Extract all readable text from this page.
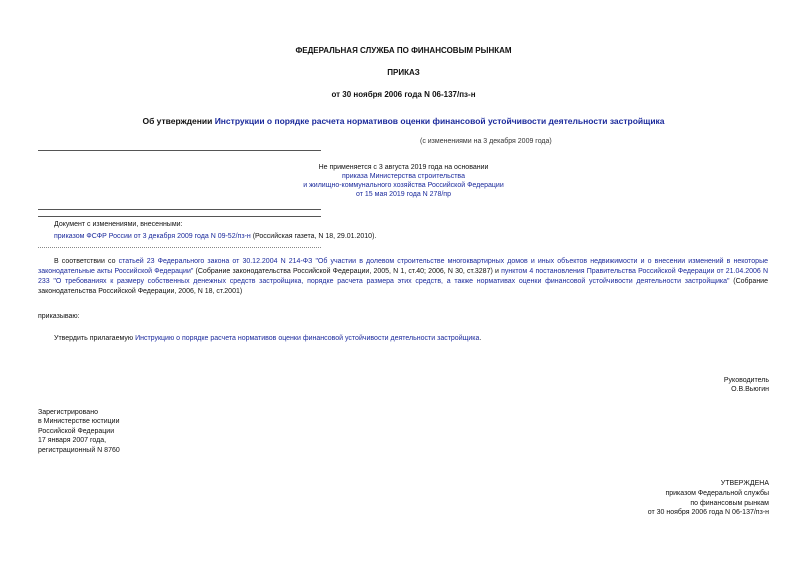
ФЕДЕРАЛЬНАЯ СЛУЖБА ПО ФИНАНСОВЫМ РЫНКАМ
ПРИКАЗ
от 30 ноября 2006 года N 06-137/пз-н
Об утверждении Инструкции о порядке расчета нормативов оценки финансовой устойчивости деятельности застройщика
(с изменениями на 3 декабря 2009 года)

Не применяется с 3 августа 2019 года на основании

приказа Министерства строительства

и жилищно-коммунального хозяйства Российской Федерации

от 15 мая 2019 года N 278/пр

Документ с изменениями, внесенными:

приказом ФСФР России от 3 декабря 2009 года N 09-52/пз-н (Российская газета, N 18, 29.01.2010).

В соответствии со статьей 23 Федерального закона от 30.12.2004 N 214-ФЗ "Об участии в долевом строительстве многоквартирных домов и иных объектов недвижимости и о внесении изменений в некоторые законодательные акты Российской Федерации" (Собрание законодательства Российской Федерации, 2005, N 1, ст.40; 2006, N 30, ст.3287) и пунктом 4 постановления Правительства Российской Федерации от 21.04.2006 N 233 "О требованиях к размеру собственных денежных средств застройщика, порядке расчета размера этих средств, а также нормативах оценки финансовой устойчивости деятельности застройщика" (Собрание законодательства Российской Федерации, 2006, N 18, ст.2001)
приказываю:
Утвердить прилагаемую Инструкцию о порядке расчета нормативов оценки финансовой устойчивости деятельности застройщика.

Руководитель

О.В.Вьюгин

Зарегистрировано

в Министерстве юстиции

Российской Федерации

17 января 2007 года,

регистрационный N 8760

УТВЕРЖДЕНА

приказом Федеральной службы

по финансовым рынкам

от 30 ноября 2006 года N 06-137/пз-н
